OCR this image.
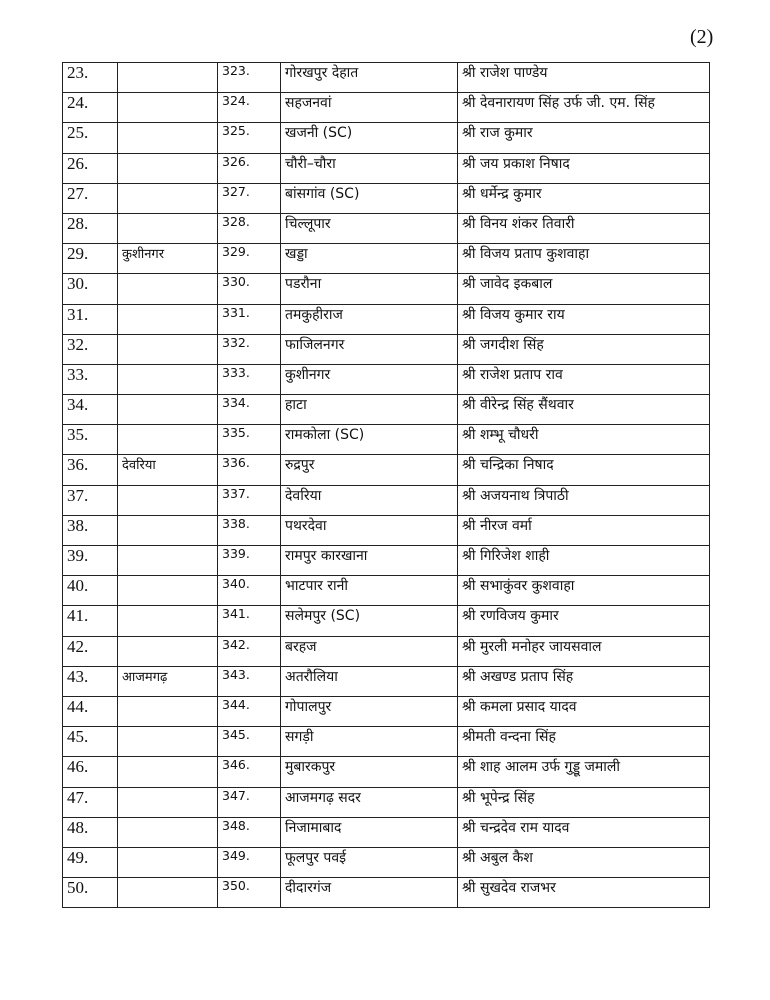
(2)
23.		323.	गोरखपुर देहात	श्री राजेश पाण्डेय
24.		324.	सहजनवां	श्री देवनारायण सिंह उर्फ जी. एम. सिंह
25.		325.	खजनी (SC)	श्री राज कुमार
26.		326.	चौरी–चौरा	श्री जय प्रकाश निषाद
27.		327.	बांसगांव (SC)	श्री धर्मेन्द्र कुमार
28.		328.	चिल्लूपार	श्री विनय शंकर तिवारी
29.	कुशीनगर	329.	खड्डा	श्री विजय प्रताप कुशवाहा
30.		330.	पडरौना	श्री जावेद इकबाल
31.		331.	तमकुहीराज	श्री विजय कुमार राय
32.		332.	फाजिलनगर	श्री जगदीश सिंह
33.		333.	कुशीनगर	श्री राजेश प्रताप राव
34.		334.	हाटा	श्री वीरेन्द्र सिंह सैंथवार
35.		335.	रामकोला (SC)	श्री शम्भू चौधरी
36.	देवरिया	336.	रुद्रपुर	श्री चन्द्रिका निषाद
37.		337.	देवरिया	श्री अजयनाथ त्रिपाठी
38.		338.	पथरदेवा	श्री नीरज वर्मा
39.		339.	रामपुर कारखाना	श्री गिरिजेश शाही
40.		340.	भाटपार रानी	श्री सभाकुंवर कुशवाहा
41.		341.	सलेमपुर (SC)	श्री रणविजय कुमार
42.		342.	बरहज	श्री मुरली मनोहर जायसवाल
43.	आजमगढ़	343.	अतरौलिया	श्री अखण्ड प्रताप सिंह
44.		344.	गोपालपुर	श्री कमला प्रसाद यादव
45.		345.	सगड़ी	श्रीमती वन्दना सिंह
46.		346.	मुबारकपुर	श्री शाह आलम उर्फ गुड्डू जमाली
47.		347.	आजमगढ़ सदर	श्री भूपेन्द्र सिंह
48.		348.	निजामाबाद	श्री चन्द्रदेव राम यादव
49.		349.	फूलपुर पवई	श्री अबुल कैश
50.		350.	दीदारगंज	श्री सुखदेव राजभर
